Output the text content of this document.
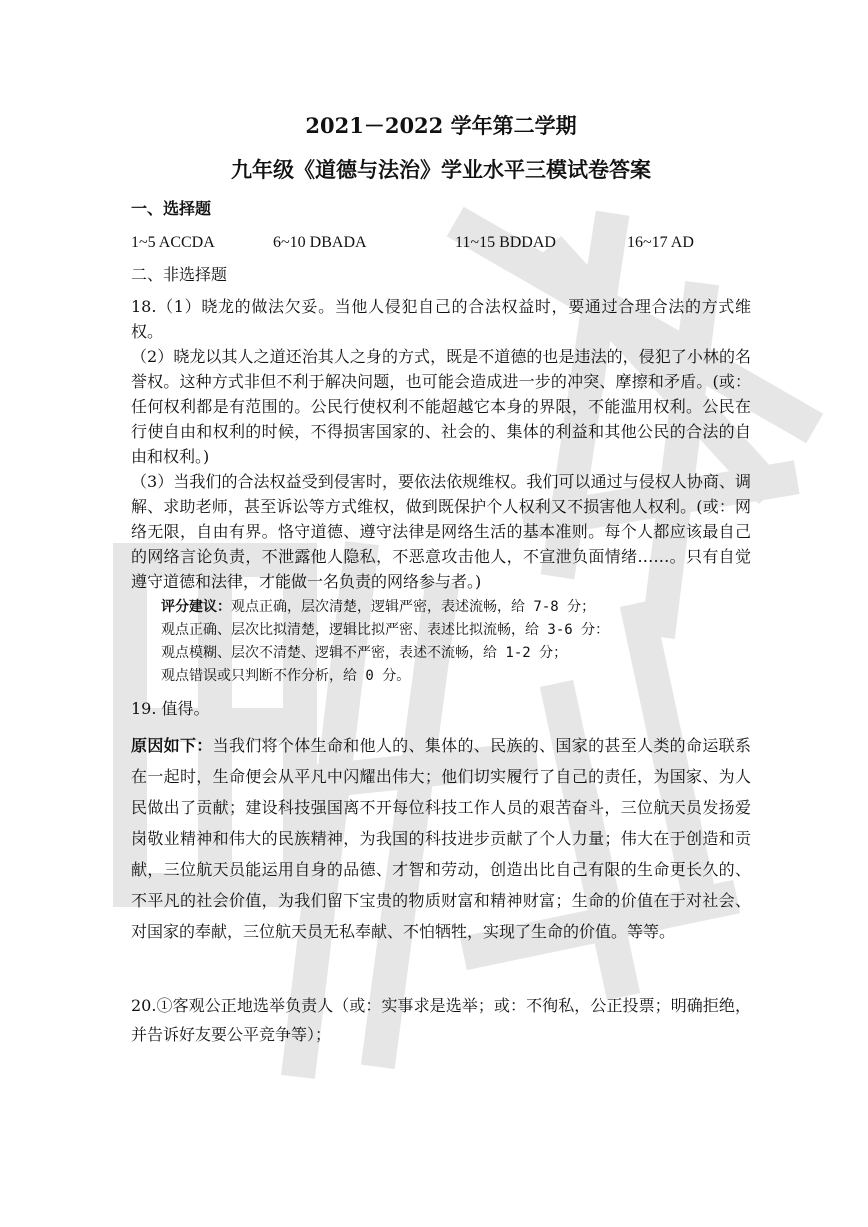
2021－2022 学年第二学期
九年级《道德与法治》学业水平三模试卷答案
一、选择题
1~5 ACCDA	6~10 DBADA	11~15 BDDAD	16~17 AD
二、非选择题

18.（1）晓龙的做法欠妥。当他人侵犯自己的合法权益时，要通过合理合法的方式维权。

（2）晓龙以其人之道还治其人之身的方式，既是不道德的也是违法的，侵犯了小林的名誉权。这种方式非但不利于解决问题，也可能会造成进一步的冲突、摩擦和矛盾。(或：任何权利都是有范围的。公民行使权利不能超越它本身的界限，不能滥用权利。公民在行使自由和权利的时候，不得损害国家的、社会的、集体的利益和其他公民的合法的自由和权利。)

（3）当我们的合法权益受到侵害时，要依法依规维权。我们可以通过与侵权人协商、调解、求助老师，甚至诉讼等方式维权，做到既保护个人权利又不损害他人权利。(或：网络无限，自由有界。恪守道德、遵守法律是网络生活的基本准则。每个人都应该最自己的网络言论负责，不泄露他人隐私，不恶意攻击他人，不宣泄负面情绪……。只有自觉遵守道德和法律，才能做一名负责的网络参与者。)

评分建议：观点正确，层次清楚，逻辑严密，表述流畅，给 7-8 分；
观点正确、层次比拟清楚，逻辑比拟严密、表述比拟流畅，给 3-6 分：
观点模糊、层次不清楚、逻辑不严密，表述不流畅，给 1-2 分；
观点错误或只判断不作分析，给 0 分。
19. 值得。

原因如下：当我们将个体生命和他人的、集体的、民族的、国家的甚至人类的命运联系在一起时，生命便会从平凡中闪耀出伟大；他们切实履行了自己的责任，为国家、为人民做出了贡献；建设科技强国离不开每位科技工作人员的艰苦奋斗，三位航天员发扬爱岗敬业精神和伟大的民族精神，为我国的科技进步贡献了个人力量；伟大在于创造和贡献，三位航天员能运用自身的品德、才智和劳动，创造出比自己有限的生命更长久的、不平凡的社会价值，为我们留下宝贵的物质财富和精神财富；生命的价值在于对社会、对国家的奉献，三位航天员无私奉献、不怕牺牲，实现了生命的价值。等等。

20.①客观公正地选举负责人（或：实事求是选举；或：不徇私，公正投票；明确拒绝，并告诉好友要公平竞争等）；
